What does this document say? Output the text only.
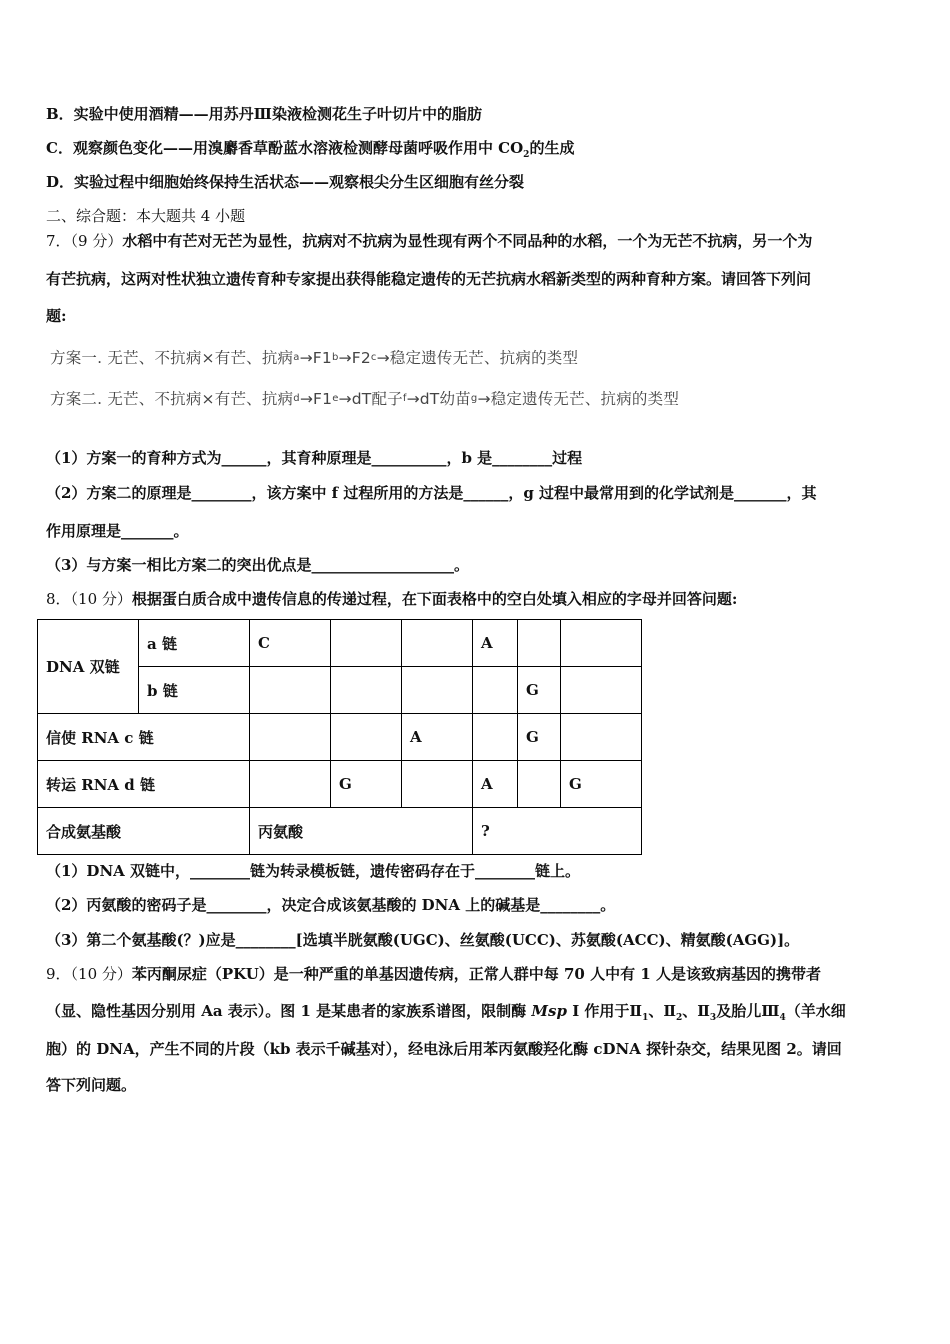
B．实验中使用酒精——用苏丹Ⅲ染液检测花生子叶切片中的脂肪
C．观察颜色变化——用溴麝香草酚蓝水溶液检测酵母菌呼吸作用中 $CO_2$的生成
D．实验过程中细胞始终保持生活状态——观察根尖分生区细胞有丝分裂
二、综合题：本大题共 4 小题
7．（9 分）水稻中有芒对无芒为显性，抗病对不抗病为显性现有两个不同品种的水稻，一个为无芒不抗病，另一个为
有芒抗病，这两对性状独立遗传育种专家提出获得能稳定遗传的无芒抗病水稻新类型的两种育种方案。请回答下列问
题:
方案一. 无芒、不抗病×有芒、抗病$^a\to F1^b\to F2^c\to$稳定遗传无芒、抗病的类型
方案二. 无芒、不抗病×有芒、抗病$^d\to F1^e\to dT$配子$^f$→dT幼苗$^g$→稳定遗传无芒、抗病的类型
（1）方案一的育种方式为______，其育种原理是__________，b 是________过程
（2）方案二的原理是________，该方案中 f 过程所用的方法是______，g 过程中最常用到的化学试剂是_______，其
作用原理是_______。
（3）与方案一相比方案二的突出优点是___________________。
8．（10 分）根据蛋白质合成中遗传信息的传递过程，在下面表格中的空白处填入相应的字母并回答问题:
DNA 双链	a 链	C			A		
	b 链					G	
信使 RNA c 链				A		G	
转运 RNA d 链			G		A		G
合成氨基酸		丙氨酸			?		
（1）DNA 双链中，________链为转录模板链，遗传密码存在于________链上。
（2）丙氨酸的密码子是________，决定合成该氨基酸的 DNA 上的碱基是________。
（3）第二个氨基酸(？)应是________[选填半胱氨酸(UGC)、丝氨酸(UCC)、苏氨酸(ACC)、精氨酸(AGG)]。
9．（10 分）苯丙酮尿症（PKU）是一种严重的单基因遗传病，正常人群中每 70 人中有 1 人是该致病基因的携带者
（显、隐性基因分别用 Aa 表示）。图 1 是某患者的家族系谱图，限制酶 Msp I 作用于$Ⅱ_1$、$Ⅱ_2$、$Ⅱ_3$及胎儿$Ⅲ_4$（羊水细
胞）的 DNA，产生不同的片段（kb 表示千碱基对），经电泳后用苯丙氨酸羟化酶 cDNA 探针杂交，结果见图 2。请回
答下列问题。
